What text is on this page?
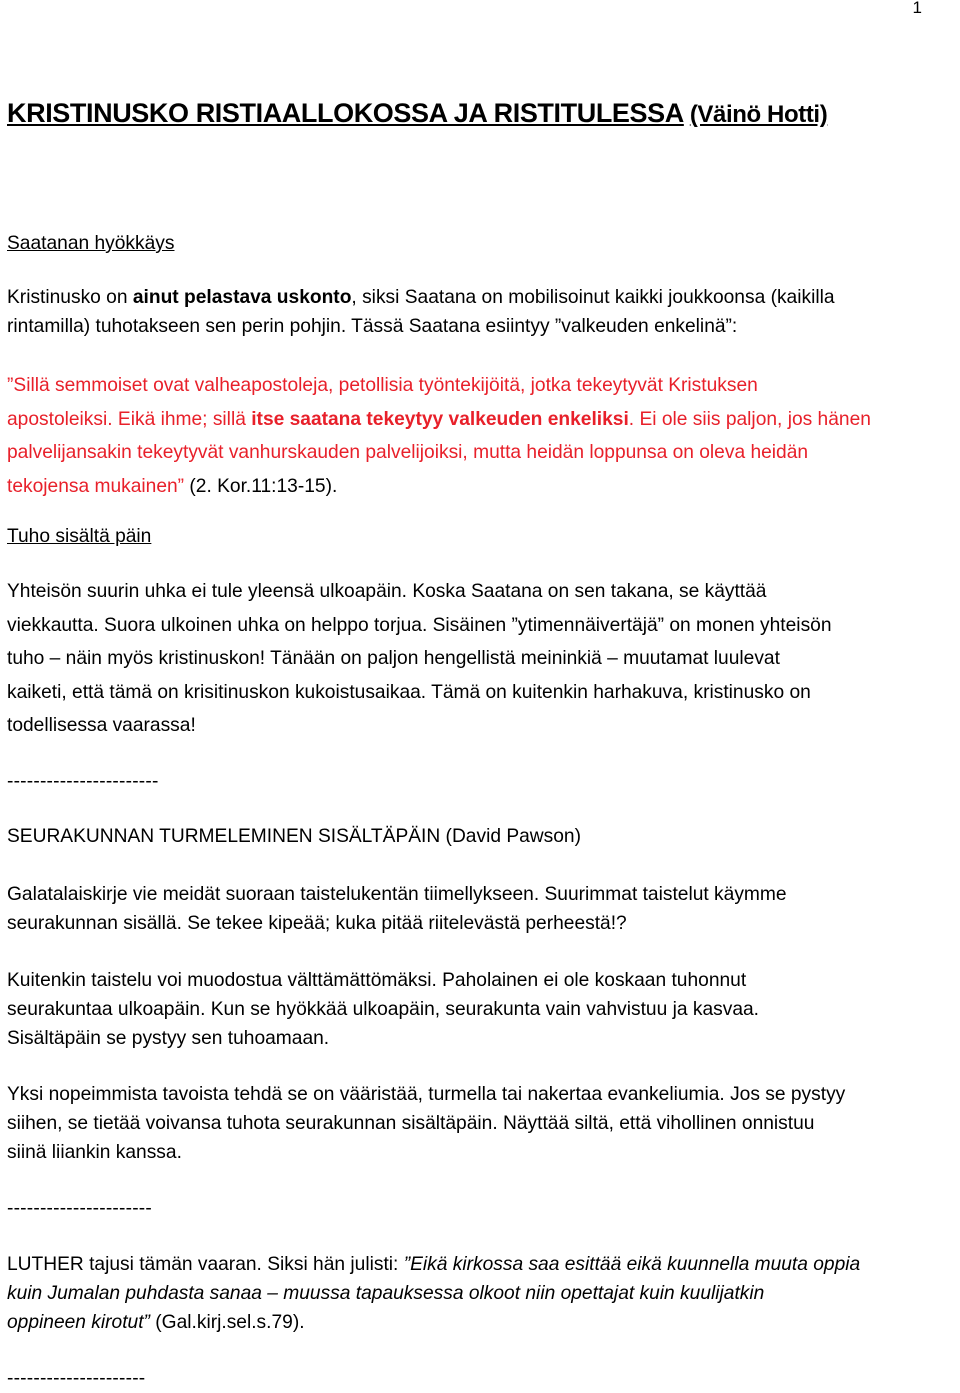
1
KRISTINUSKO RISTIAALLOKOSSA JA RISTITULESSA (Väinö Hotti)
Saatanan hyökkäys
Kristinusko on ainut pelastava uskonto, siksi Saatana on mobilisoinut kaikki joukkoonsa (kaikilla
rintamilla) tuhotakseen sen perin pohjin. Tässä Saatana esiintyy ”valkeuden enkelinä”:
”Sillä semmoiset ovat valheapostoleja, petollisia työntekijöitä, jotka tekeytyvät Kristuksen
apostoleiksi. Eikä ihme; sillä itse saatana tekeytyy valkeuden enkeliksi. Ei ole siis paljon, jos hänen
palvelijansakin tekeytyvät vanhurskauden palvelijoiksi, mutta heidän loppunsa on oleva heidän
tekojensa mukainen” (2. Kor.11:13-15).
Tuho sisältä päin
Yhteisön suurin uhka ei tule yleensä ulkoapäin. Koska Saatana on sen takana, se käyttää
viekkautta. Suora ulkoinen uhka on helppo torjua. Sisäinen ”ytimennäivertäjä” on monen yhteisön
tuho – näin myös kristinuskon! Tänään on paljon hengellistä meininkiä – muutamat luulevat
kaiketi, että tämä on krisitinuskon kukoistusaikaa. Tämä on kuitenkin harhakuva, kristinusko on
todellisessa vaarassa!
-----------------------
SEURAKUNNAN TURMELEMINEN SISÄLTÄPÄIN (David Pawson)
Galatalaiskirje vie meidät suoraan taistelukentän tiimellykseen. Suurimmat taistelut käymme
seurakunnan sisällä. Se tekee kipeää; kuka pitää riitelevästä perheestä!?
Kuitenkin taistelu voi muodostua välttämättömäksi. Paholainen ei ole koskaan tuhonnut
seurakuntaa ulkoapäin. Kun se hyökkää ulkoapäin, seurakunta vain vahvistuu ja kasvaa.
Sisältäpäin se pystyy sen tuhoamaan.
Yksi nopeimmista tavoista tehdä se on vääristää, turmella tai nakertaa evankeliumia. Jos se pystyy
siihen, se tietää voivansa tuhota seurakunnan sisältäpäin. Näyttää siltä, että vihollinen onnistuu
siinä liiankin kanssa.
----------------------
LUTHER tajusi tämän vaaran. Siksi hän julisti: ”Eikä kirkossa saa esittää eikä kuunnella muuta oppia
kuin Jumalan puhdasta sanaa – muussa tapauksessa olkoot niin opettajat kuin kuulijatkin
oppineen kirotut” (Gal.kirj.sel.s.79).
---------------------
